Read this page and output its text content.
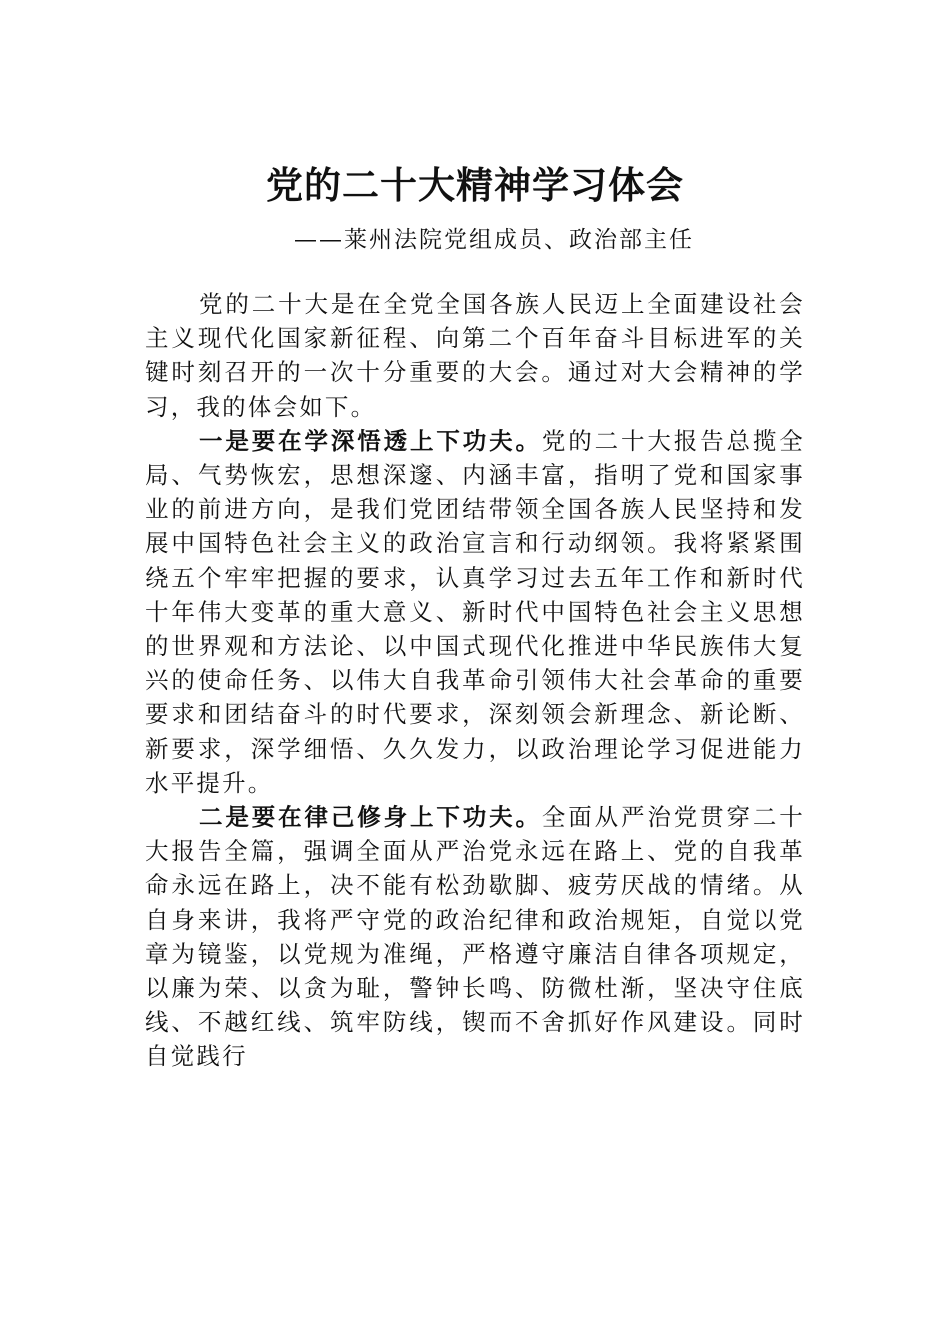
党的二十大精神学习体会
——莱州法院党组成员、政治部主任

党的二十大是在全党全国各族人民迈上全面建设社会主义现代化国家新征程、向第二个百年奋斗目标进军的关键时刻召开的一次十分重要的大会。通过对大会精神的学习，我的体会如下。

一是要在学深悟透上下功夫。党的二十大报告总揽全局、气势恢宏，思想深邃、内涵丰富，指明了党和国家事业的前进方向，是我们党团结带领全国各族人民坚持和发展中国特色社会主义的政治宣言和行动纲领。我将紧紧围绕五个牢牢把握的要求，认真学习过去五年工作和新时代十年伟大变革的重大意义、新时代中国特色社会主义思想的世界观和方法论、以中国式现代化推进中华民族伟大复兴的使命任务、以伟大自我革命引领伟大社会革命的重要要求和团结奋斗的时代要求，深刻领会新理念、新论断、新要求，深学细悟、久久发力，以政治理论学习促进能力水平提升。

二是要在律己修身上下功夫。全面从严治党贯穿二十大报告全篇，强调全面从严治党永远在路上、党的自我革命永远在路上，决不能有松劲歇脚、疲劳厌战的情绪。从自身来讲，我将严守党的政治纪律和政治规矩，自觉以党章为镜鉴，以党规为准绳，严格遵守廉洁自律各项规定，以廉为荣、以贪为耻，警钟长鸣、防微杜渐，坚决守住底线、不越红线、筑牢防线，锲而不舍抓好作风建设。同时自觉践行
